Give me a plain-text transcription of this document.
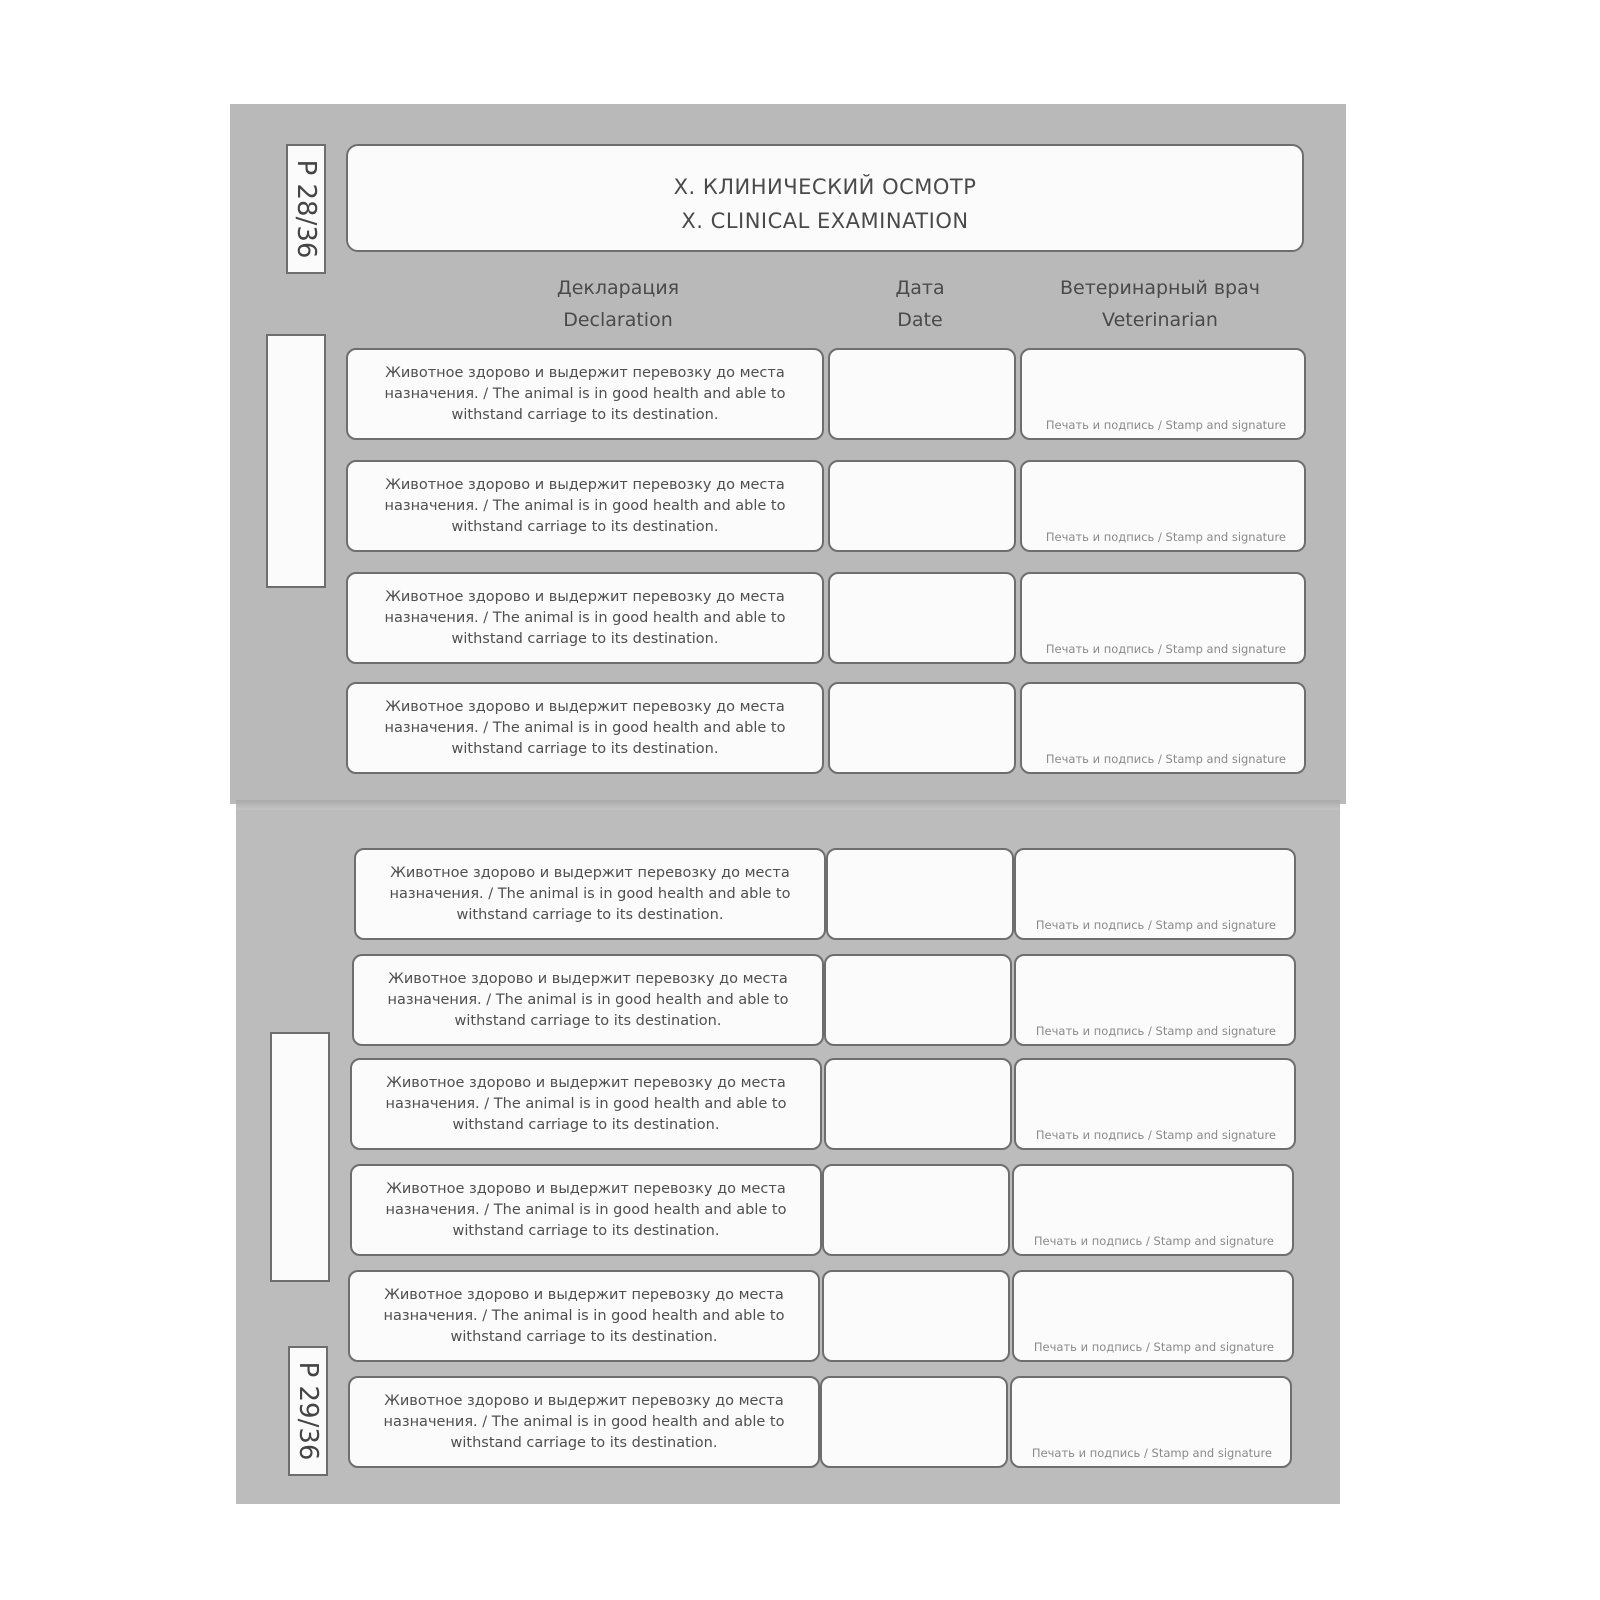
P 28/36
P 29/36
X. КЛИНИЧЕСКИЙ ОСМОТР
X. CLINICAL EXAMINATION
Декларация
Declaration
Дата
Date
Ветеринарный врач
Veterinarian
Животное здорово и выдержит перевозку до места назначения. / The animal is in good health and able to withstand carriage to its destination.
Печать и подпись / Stamp and signature
Животное здорово и выдержит перевозку до места назначения. / The animal is in good health and able to withstand carriage to its destination.
Печать и подпись / Stamp and signature
Животное здорово и выдержит перевозку до места назначения. / The animal is in good health and able to withstand carriage to its destination.
Печать и подпись / Stamp and signature
Животное здорово и выдержит перевозку до места назначения. / The animal is in good health and able to withstand carriage to its destination.
Печать и подпись / Stamp and signature
Животное здорово и выдержит перевозку до места назначения. / The animal is in good health and able to withstand carriage to its destination.
Печать и подпись / Stamp and signature
Животное здорово и выдержит перевозку до места назначения. / The animal is in good health and able to withstand carriage to its destination.
Печать и подпись / Stamp and signature
Животное здорово и выдержит перевозку до места назначения. / The animal is in good health and able to withstand carriage to its destination.
Печать и подпись / Stamp and signature
Животное здорово и выдержит перевозку до места назначения. / The animal is in good health and able to withstand carriage to its destination.
Печать и подпись / Stamp and signature
Животное здорово и выдержит перевозку до места назначения. / The animal is in good health and able to withstand carriage to its destination.
Печать и подпись / Stamp and signature
Животное здорово и выдержит перевозку до места назначения. / The animal is in good health and able to withstand carriage to its destination.
Печать и подпись / Stamp and signature
